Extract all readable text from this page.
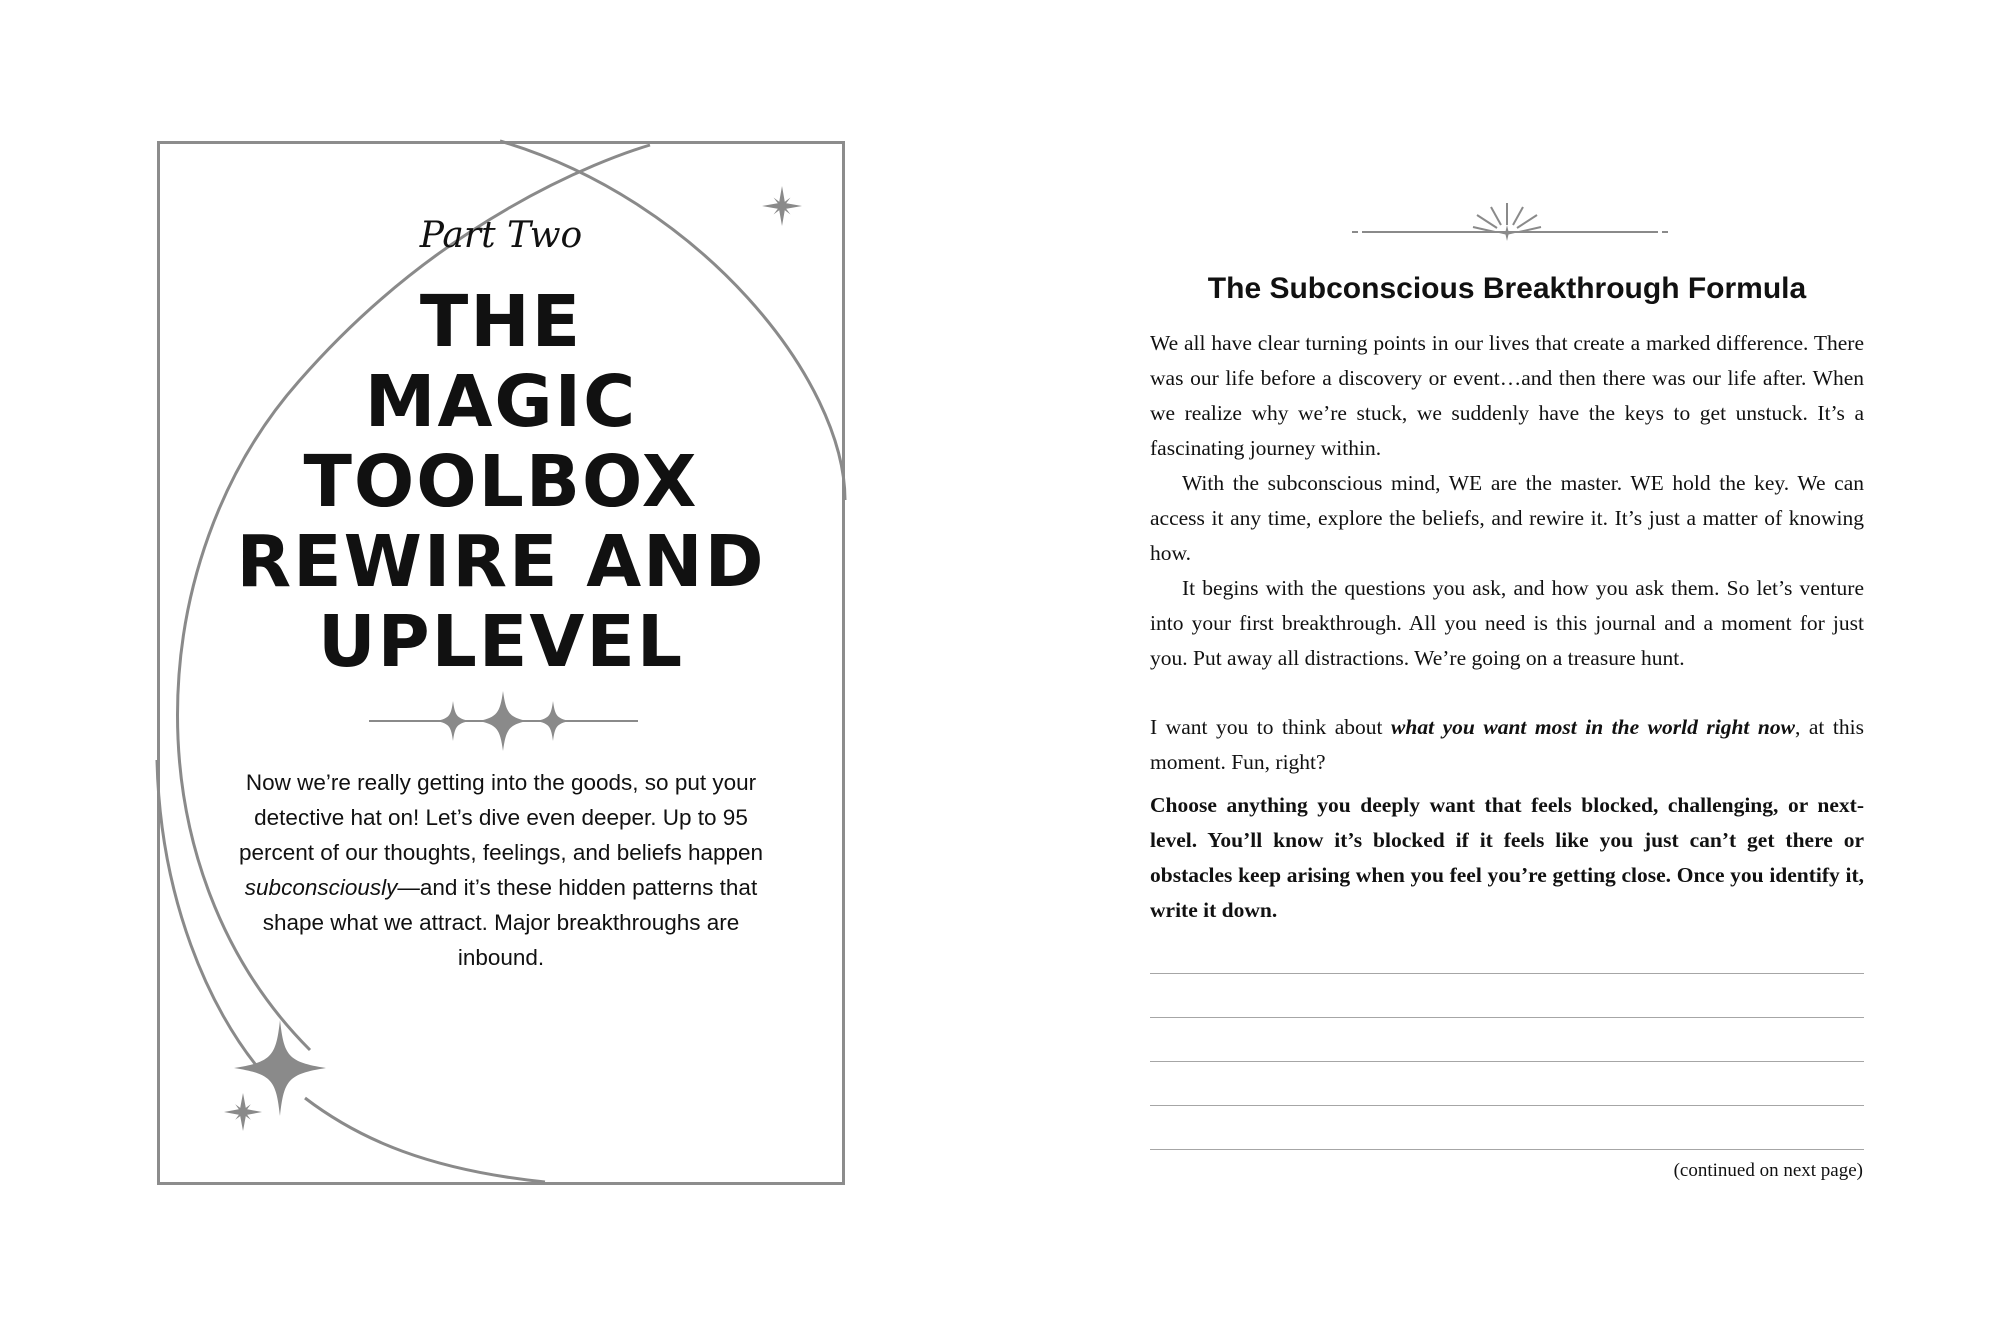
Part Two
THE
MAGIC
TOOLBOX
REWIRE AND
UPLEVEL

Now we’re really getting into the goods, so put your detective hat on! Let’s dive even deeper. Up to 95 percent of our thoughts, feelings, and beliefs happen subconsciously—and it’s these hidden patterns that shape what we attract. Major breakthroughs are inbound.

The Subconscious Breakthrough Formula

We all have clear turning points in our lives that create a marked difference. There was our life before a discovery or event…and then there was our life after. When we realize why we’re stuck, we suddenly have the keys to get unstuck. It’s a fascinating journey within.

With the subconscious mind, WE are the master. WE hold the key. We can access it any time, explore the beliefs, and rewire it. It’s just a matter of knowing how.

It begins with the questions you ask, and how you ask them. So let’s venture into your first breakthrough. All you need is this journal and a moment for just you. Put away all distractions. We’re going on a treasure hunt.

I want you to think about what you want most in the world right now, at this moment. Fun, right?

Choose anything you deeply want that feels blocked, challenging, or next-level. You’ll know it’s blocked if it feels like you just can’t get there or obstacles keep arising when you feel you’re getting close. Once you identify it, write it down.

(continued on next page)
